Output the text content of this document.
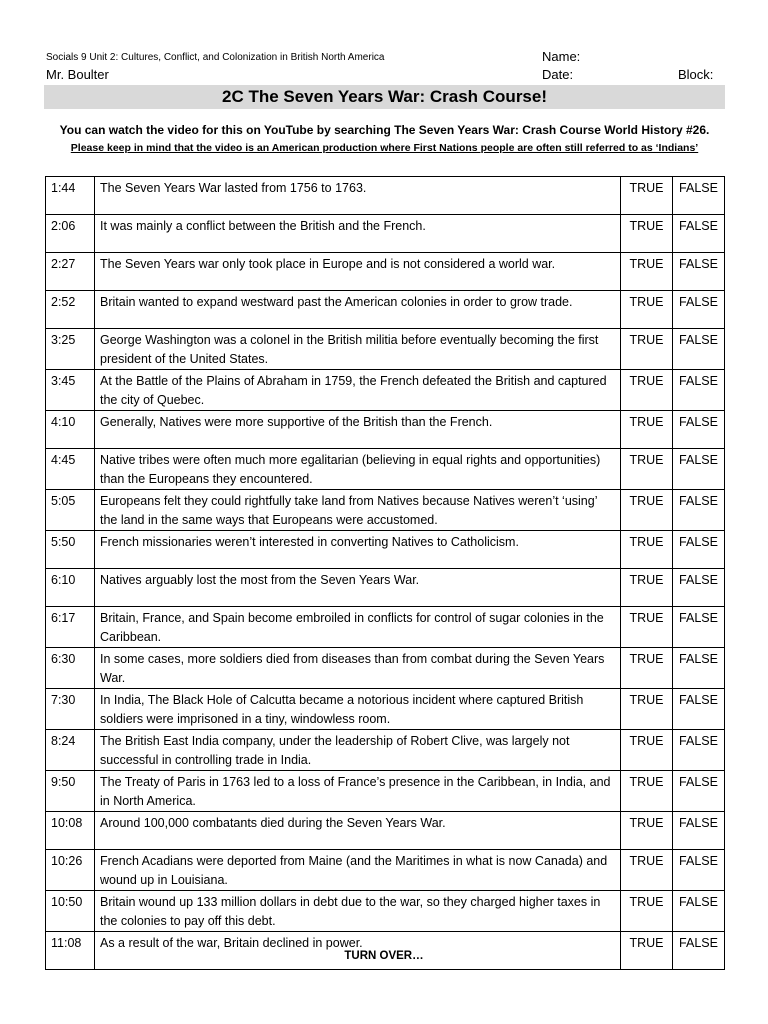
Socials 9 Unit 2: Cultures, Conflict, and Colonization in British North America
Mr. Boulter
Name:
Date:	Block:
2C The Seven Years War: Crash Course!
You can watch the video for this on YouTube by searching The Seven Years War: Crash Course World History #26.
Please keep in mind that the video is an American production where First Nations people are often still referred to as ‘Indians’
1:44	The Seven Years War lasted from 1756 to 1763.	TRUE	FALSE
2:06	It was mainly a conflict between the British and the French.	TRUE	FALSE
2:27	The Seven Years war only took place in Europe and is not considered a world war.	TRUE	FALSE
2:52	Britain wanted to expand westward past the American colonies in order to grow trade.	TRUE	FALSE
3:25	George Washington was a colonel in the British militia before eventually becoming the first president of the United States.	TRUE	FALSE
3:45	At the Battle of the Plains of Abraham in 1759, the French defeated the British and captured the city of Quebec.	TRUE	FALSE
4:10	Generally, Natives were more supportive of the British than the French.	TRUE	FALSE
4:45	Native tribes were often much more egalitarian (believing in equal rights and opportunities) than the Europeans they encountered.	TRUE	FALSE
5:05	Europeans felt they could rightfully take land from Natives because Natives weren’t ‘using’ the land in the same ways that Europeans were accustomed.	TRUE	FALSE
5:50	French missionaries weren’t interested in converting Natives to Catholicism.	TRUE	FALSE
6:10	Natives arguably lost the most from the Seven Years War.	TRUE	FALSE
6:17	Britain, France, and Spain become embroiled in conflicts for control of sugar colonies in the Caribbean.	TRUE	FALSE
6:30	In some cases, more soldiers died from diseases than from combat during the Seven Years War.	TRUE	FALSE
7:30	In India, The Black Hole of Calcutta became a notorious incident where captured British soldiers were imprisoned in a tiny, windowless room.	TRUE	FALSE
8:24	The British East India company, under the leadership of Robert Clive, was largely not successful in controlling trade in India.	TRUE	FALSE
9:50	The Treaty of Paris in 1763 led to a loss of France’s presence in the Caribbean, in India, and in North America.	TRUE	FALSE
10:08	Around 100,000 combatants died during the Seven Years War.	TRUE	FALSE
10:26	French Acadians were deported from Maine (and the Maritimes in what is now Canada) and wound up in Louisiana.	TRUE	FALSE
10:50	Britain wound up 133 million dollars in debt due to the war, so they charged higher taxes in the colonies to pay off this debt.	TRUE	FALSE
11:08	As a result of the war, Britain declined in power.	TRUE	FALSE
TURN OVER…
